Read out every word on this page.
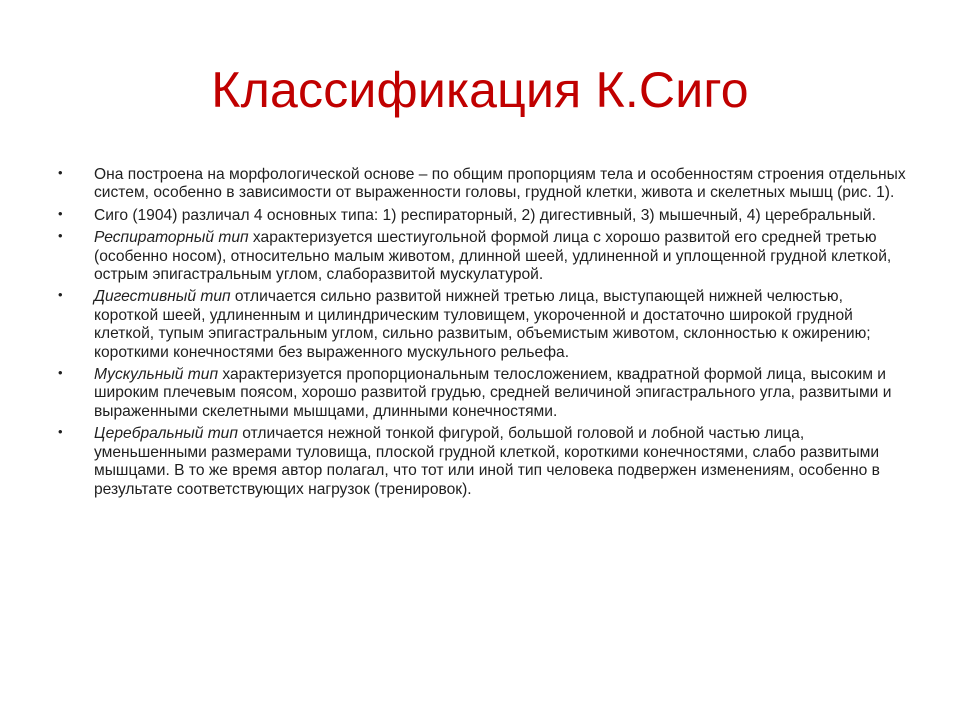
Классификация К.Сиго
• Она построена на морфологической основе – по общим пропорциям тела и особенностям строения отдельных систем, особенно в зависимости от выраженности головы, грудной клетки, живота и скелетных мышц (рис. 1).
• Сиго (1904) различал 4 основных типа: 1) респираторный, 2) дигестивный, 3) мышечный, 4) церебральный.
• Респираторный тип характеризуется шестиугольной формой лица с хорошо развитой его средней третью (особенно носом), относительно малым животом, длинной шеей, удлиненной и уплощенной грудной клеткой, острым эпигастральным углом, слаборазвитой мускулатурой.
• Дигестивный тип отличается сильно развитой нижней третью лица, выступающей нижней челюстью, короткой шеей, удлиненным и цилиндрическим туловищем, укороченной и достаточно широкой грудной клеткой, тупым эпигастральным углом, сильно развитым, объемистым животом, склонностью к ожирению; короткими конечностями без выраженного мускульного рельефа.
• Мускульный тип характеризуется пропорциональным телосложением, квадратной формой лица, высоким и широким плечевым поясом, хорошо развитой грудью, средней величиной эпигастрального угла, развитыми и выраженными скелетными мышцами, длинными конечностями.
• Церебральный тип отличается нежной тонкой фигурой, большой головой и лобной частью лица, уменьшенными размерами туловища, плоской грудной клеткой, короткими конечностями, слабо развитыми мышцами. В то же время автор полагал, что тот или иной тип человека подвержен изменениям, особенно в результате соответствующих нагрузок (тренировок).
